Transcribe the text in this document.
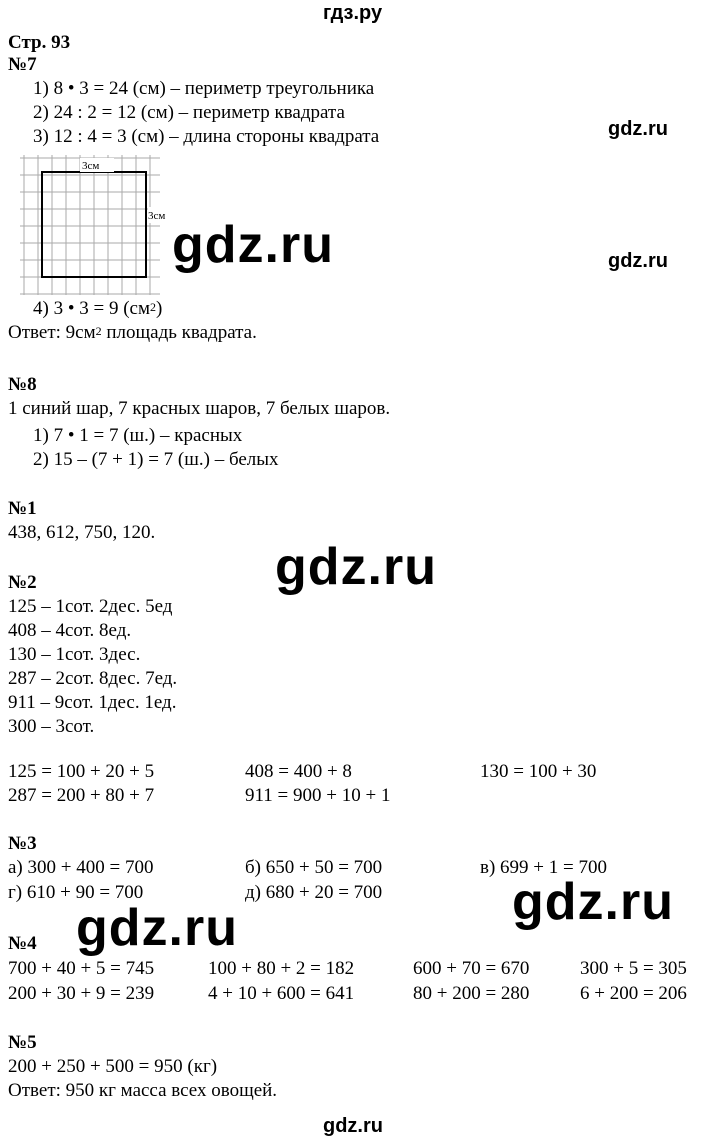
гдз.ру
Стр. 93
№7
1) 8 • 3 = 24 (см) – периметр треугольника
2) 24 : 2 = 12 (см) – периметр квадрата
3) 12 : 4 = 3 (см) – длина стороны квадрата	gdz.ru
3см
3см gdz.ru	gdz.ru
4) 3 • 3 = 9 $(см^2)$
Ответ: $9см^2$ площадь квадрата.
№8
1 синий шар, 7 красных шаров, 7 белых шаров.
1) 7 • 1 = 7 (ш.) – красных
2) 15 – (7 + 1) = 7 (ш.) – белых
№1
438, 612, 750, 120.
gdz.ru
№2
125 – 1сот. 2дес. 5ед
408 – 4сот. 8ед.
130 – 1сот. 3дес.
287 – 2сот. 8дес. 7ед.
911 – 9сот. 1дес. 1ед.
300 – 3сот.
125 = 100 + 20 + 5	408 = 400 + 8	130 = 100 + 30
287 = 200 + 80 + 7	911 = 900 + 10 + 1
№3
а) 300 + 400 = 700	б) 650 + 50 = 700	в) 699 + 1 = 700
г) 610 + 90 = 700	д) 680 + 20 = 700 gdz.ru
gdz.ru
№4
700 + 40 + 5 = 745	100 + 80 + 2 = 182	600 + 70 = 670	300 + 5 = 305
200 + 30 + 9 = 239	4 + 10 + 600 = 641	80 + 200 = 280	6 + 200 = 206
№5
200 + 250 + 500 = 950 (кг)
Ответ: 950 кг масса всех овощей.
gdz.ru
